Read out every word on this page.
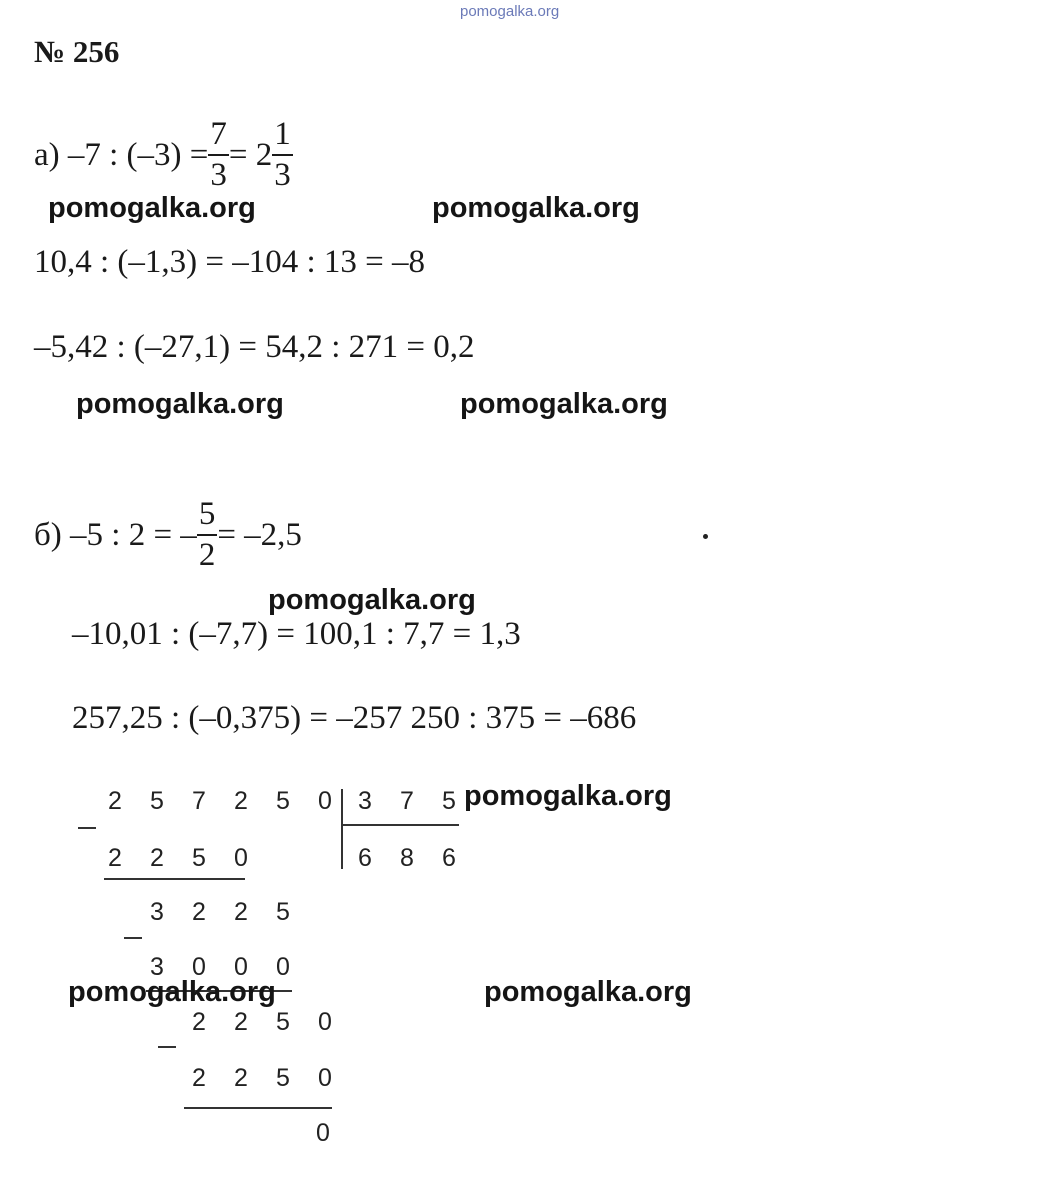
pomogalka.org
№ 256
а) –7 : $(-3) = \frac{7}{3} = 2 \frac{1}{3}$
pomogalka.org	pomogalka.org
10,4 : (–1,3) = –104 : 13 = –8
–5,42 : (–27,1) = 54,2 : 271 = 0,2
pomogalka.org	pomogalka.org
б) –5 : 2 = – $\frac{5}{2} = -2,5$
pomogalka.org
–10,01 : (–7,7) = 100,1 : 7,7 = 1,3
257,25 : (–0,375) = –257 250 : 375 = –686
2 5 7 2 5 0
2 2 5 0
3 2 2 5
3 0 0 0
2 2 5 0
2 2 5 0
3 7 5
6 8 6
0
pomogalka.org
pomogalka.org	pomogalka.org
